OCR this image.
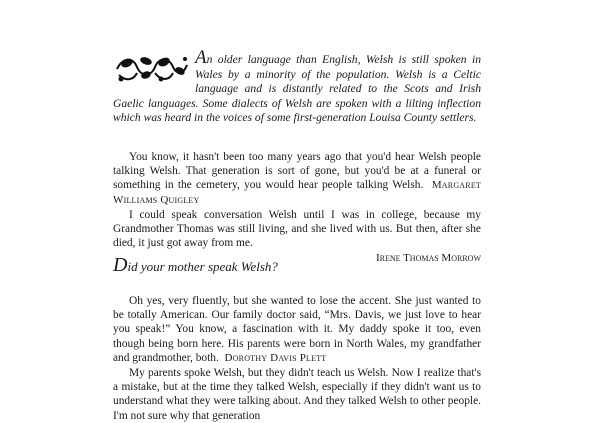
An older language than English, Welsh is still spoken in Wales by a minority of the population. Welsh is a Celtic language and is distantly related to the Scots and Irish Gaelic languages. Some dialects of Welsh are spoken with a lilting inflection which was heard in the voices of some first-generation Louisa County settlers.

You know, it hasn't been too many years ago that you'd hear Welsh people talking Welsh. That generation is sort of gone, but you'd be at a funeral or something in the cemetery, you would hear people talking Welsh. Margaret Williams Quigley

I could speak conversation Welsh until I was in college, because my Grandmother Thomas was still living, and she lived with us. But then, after she died, it just got away from me.
Irene Thomas Morrow

Did your mother speak Welsh?

Oh yes, very fluently, but she wanted to lose the accent. She just wanted to be totally American. Our family doctor said, “Mrs. Davis, we just love to hear you speak!” You know, a fascination with it. My daddy spoke it too, even though being born here. His parents were born in North Wales, my grandfather and grandmother, both. Dorothy Davis Plett

My parents spoke Welsh, but they didn't teach us Welsh. Now I realize that's a mistake, but at the time they talked Welsh, especially if they didn't want us to understand what they were talking about. And they talked Welsh to other people. I'm not sure why that generation
